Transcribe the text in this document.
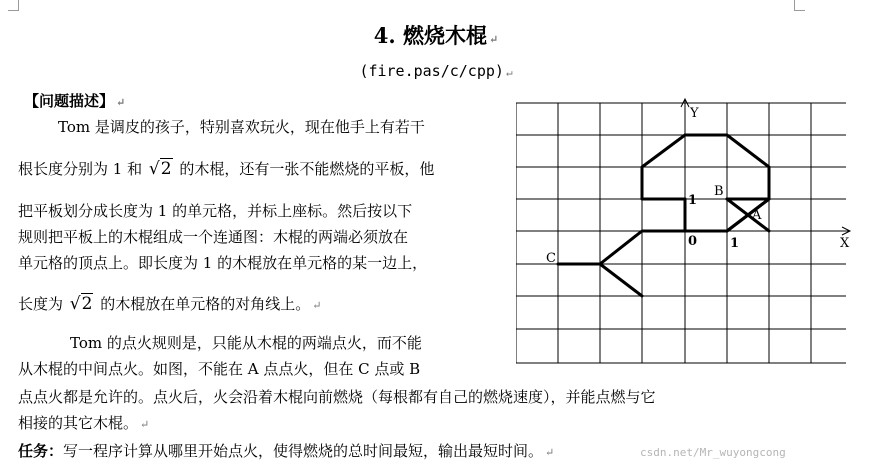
4. 燃烧木棍 ↵
(fire.pas/c/cpp) ↵
【问题描述】 ↵
Tom 是调皮的孩子，特别喜欢玩火，现在他手上有若干
根长度分别为 1 和 √2 的木棍，还有一张不能燃烧的平板，他
把平板划分成长度为 1 的单元格，并标上座标。然后按以下
规则把平板上的木棍组成一个连通图：木棍的两端必须放在
单元格的顶点上。即长度为 1 的木棍放在单元格的某一边上，
长度为 √2 的木棍放在单元格的对角线上。 ↵
Tom 的点火规则是，只能从木棍的两端点火，而不能
从木棍的中间点火。如图，不能在 A 点点火，但在 C 点或 B
点点火都是允许的。点火后，火会沿着木棍向前燃烧（每根都有自己的燃烧速度），并能点燃与它
相接的其它木棍。 ↵
任务：写一程序计算从哪里开始点火，使得燃烧的总时间最短，输出最短时间。 ↵	csdn.net/Mr_wuyongcong
Y
X
0	1
1
B
A
C
